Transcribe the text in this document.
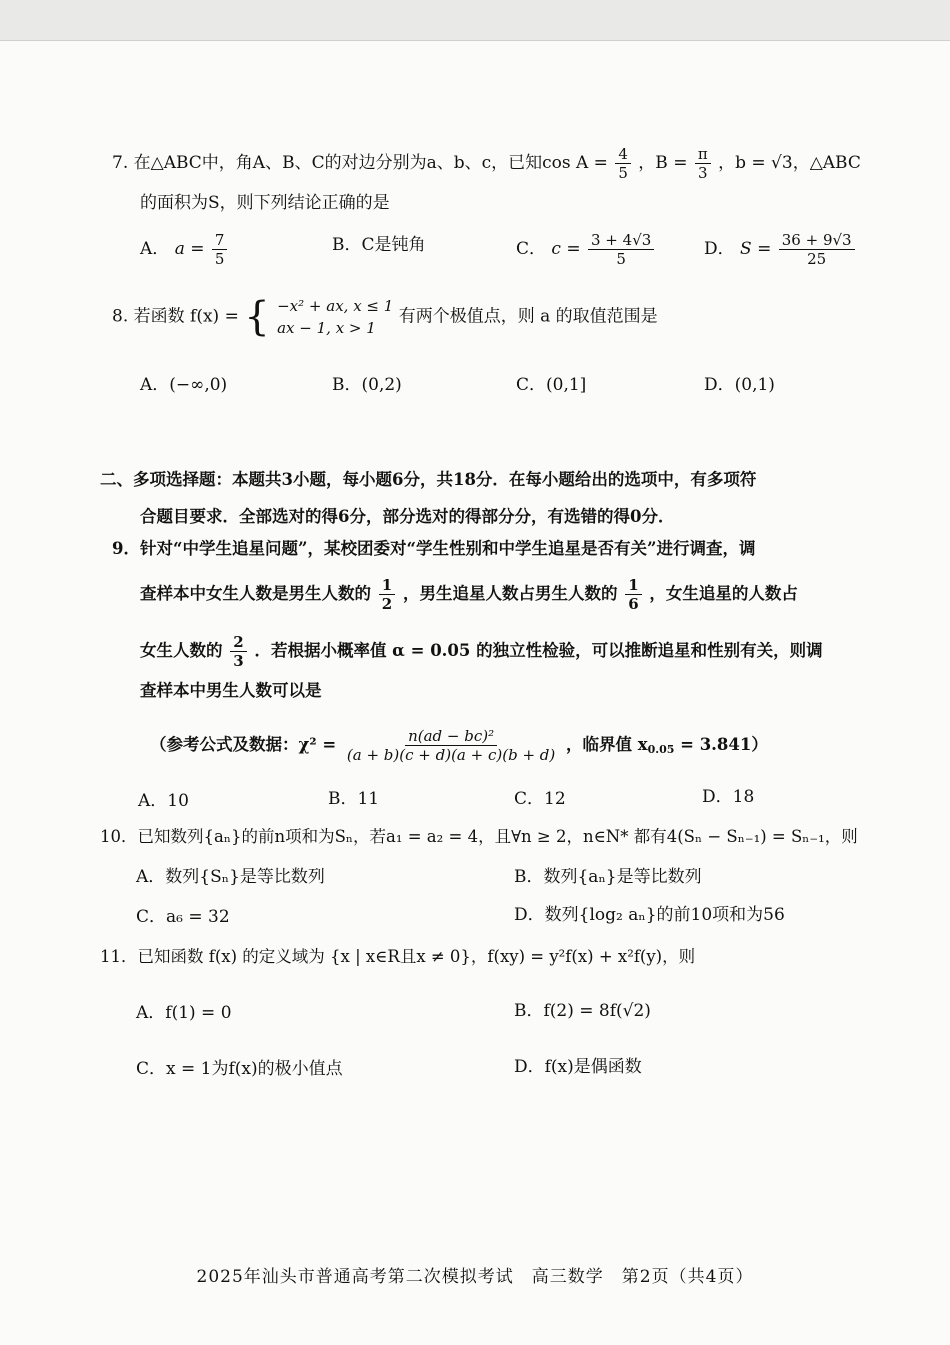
7. 在△ABC中，角A、B、C的对边分别为a、b、c，已知$\cos A = \frac{4}{5}$ ，$B = \frac{\pi}{3}$ ，b = √3，△ABC
的面积为S，则下列结论正确的是
A． $a = \frac{7}{5}$	B．C是钝角	C． $c = \frac{3 + 4√3}{5}$	D． $S = \frac{36 + 9√3}{25}$
8. 若函数 f(x) = { −x² + ax, x ≤ 1
ax − 1, x > 1
有两个极值点，则 a 的取值范围是
A．(−∞,0)	B．(0,2)	C．(0,1]	D．(0,1)
二、多项选择题：本题共3小题，每小题6分，共18分．在每小题给出的选项中，有多项符
合题目要求．全部选对的得6分，部分选对的得部分分，有选错的得0分．
9．针对“中学生追星问题”，某校团委对“学生性别和中学生追星是否有关”进行调查，调
查样本中女生人数是男生人数的 $\frac{1}{2}$ ，男生追星人数占男生人数的 $\frac{1}{6}$ ，女生追星的人数占
女生人数的 $\frac{2}{3}$ ．若根据小概率值 α = 0.05 的独立性检验，可以推断追星和性别有关，则调
查样本中男生人数可以是
（参考公式及数据：$\chi^2 = \frac{\text{n(ad − bc)²}}{(a + b)(c + d)(a + c)(b + d)}$ ，临界值 $x_{0.05} = 3.841$）
A．10	B．11	C．12	D．18
10．已知数列{aₙ}的前n项和为Sₙ，若a₁ = a₂ = 4，且∀n ≥ 2，n∈N* 都有4(Sₙ − Sₙ₋₁) = Sₙ₋₁，则
A．数列{Sₙ}是等比数列	B．数列{aₙ}是等比数列
C．a₆ = 32	D．数列{log₂ aₙ}的前10项和为56
11．已知函数 f(x) 的定义域为 {x | x∈R且x ≠ 0}，f(xy) = y²f(x) + x²f(y)，则
A．f(1) = 0	B．f(2) = 8f(√2)
C．x = 1为f(x)的极小值点	D．f(x)是偶函数
2025年汕头市普通高考第二次模拟考试　高三数学　第2页（共4页）
